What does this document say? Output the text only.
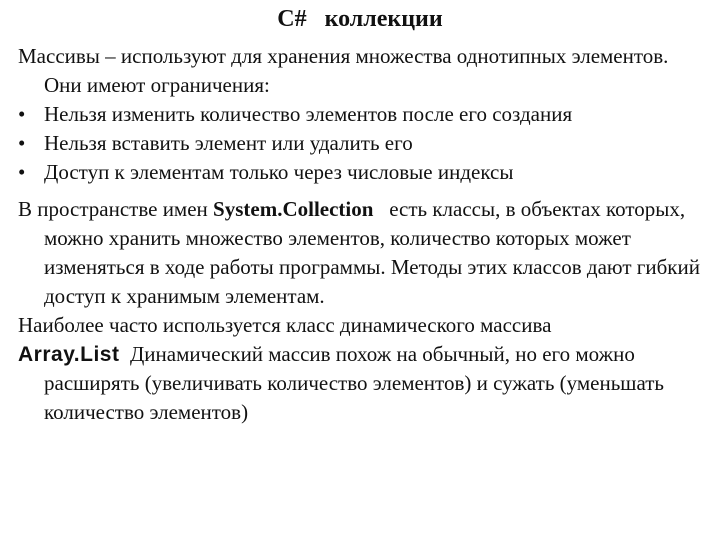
C#   коллекции

Массивы – используют для хранения множества однотипных элементов. Они имеют ограничения:

• Нельзя изменить количество элементов после его создания
• Нельзя вставить элемент или удалить его
• Доступ к элементам только через числовые индексы

В пространстве имен System.Collection   есть классы, в объектах которых, можно хранить множество элементов, количество которых может изменяться в ходе работы программы. Методы этих классов дают гибкий доступ к хранимым элементам.

Наиболее часто используется класс динамического массива

Array.List  Динамический массив похож на обычный, но его можно расширять (увеличивать количество элементов) и сужать (уменьшать количество элементов)
